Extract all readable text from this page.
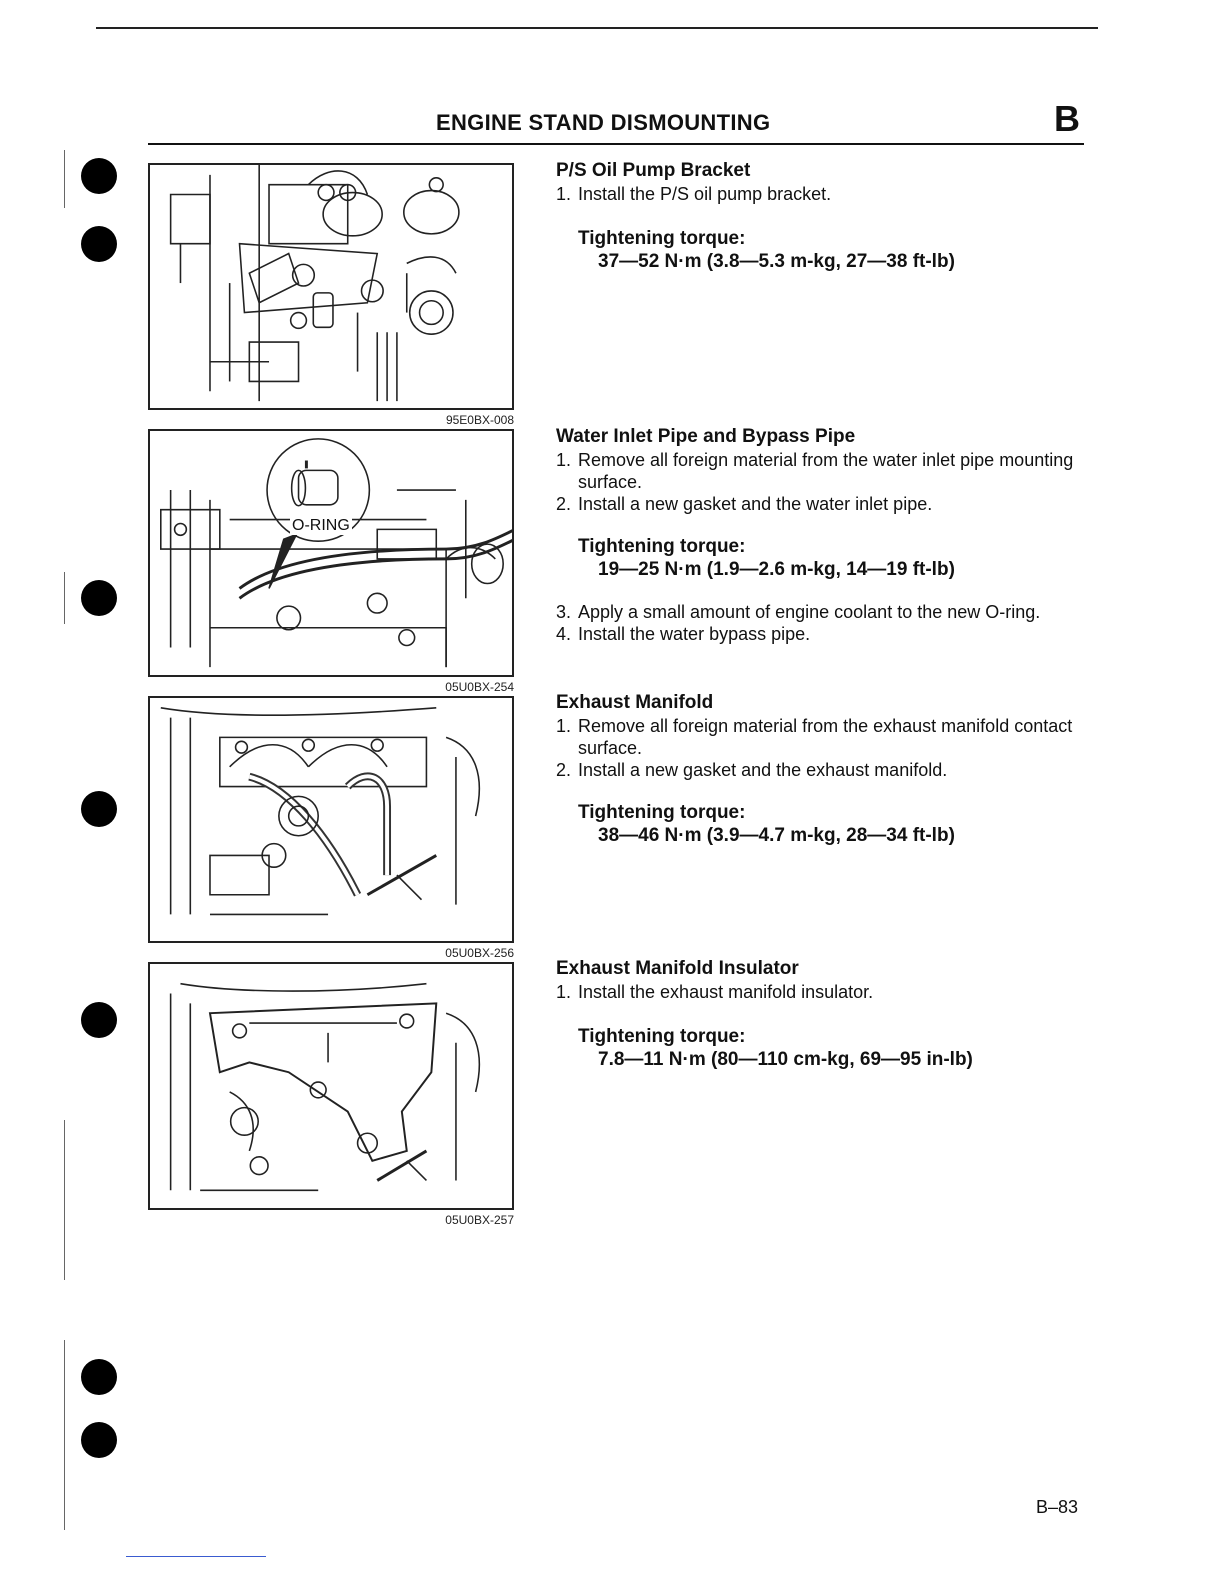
ENGINE STAND DISMOUNTING	B
95E0BX-008
O-RING
05U0BX-254
05U0BX-256
05U0BX-257
P/S Oil Pump Bracket
1. Install the P/S oil pump bracket.
Tightening torque:
37—52 N·m (3.8—5.3 m-kg, 27—38 ft-lb)
Water Inlet Pipe and Bypass Pipe
1. Remove all foreign material from the water inlet pipe mounting surface.
2. Install a new gasket and the water inlet pipe.
Tightening torque:
19—25 N·m (1.9—2.6 m-kg, 14—19 ft-lb)
3. Apply a small amount of engine coolant to the new O-ring.
4. Install the water bypass pipe.
Exhaust Manifold
1. Remove all foreign material from the exhaust manifold contact surface.
2. Install a new gasket and the exhaust manifold.
Tightening torque:
38—46 N·m (3.9—4.7 m-kg, 28—34 ft-lb)
Exhaust Manifold Insulator
1. Install the exhaust manifold insulator.
Tightening torque:
7.8—11 N·m (80—110 cm-kg, 69—95 in-lb)
B–83
